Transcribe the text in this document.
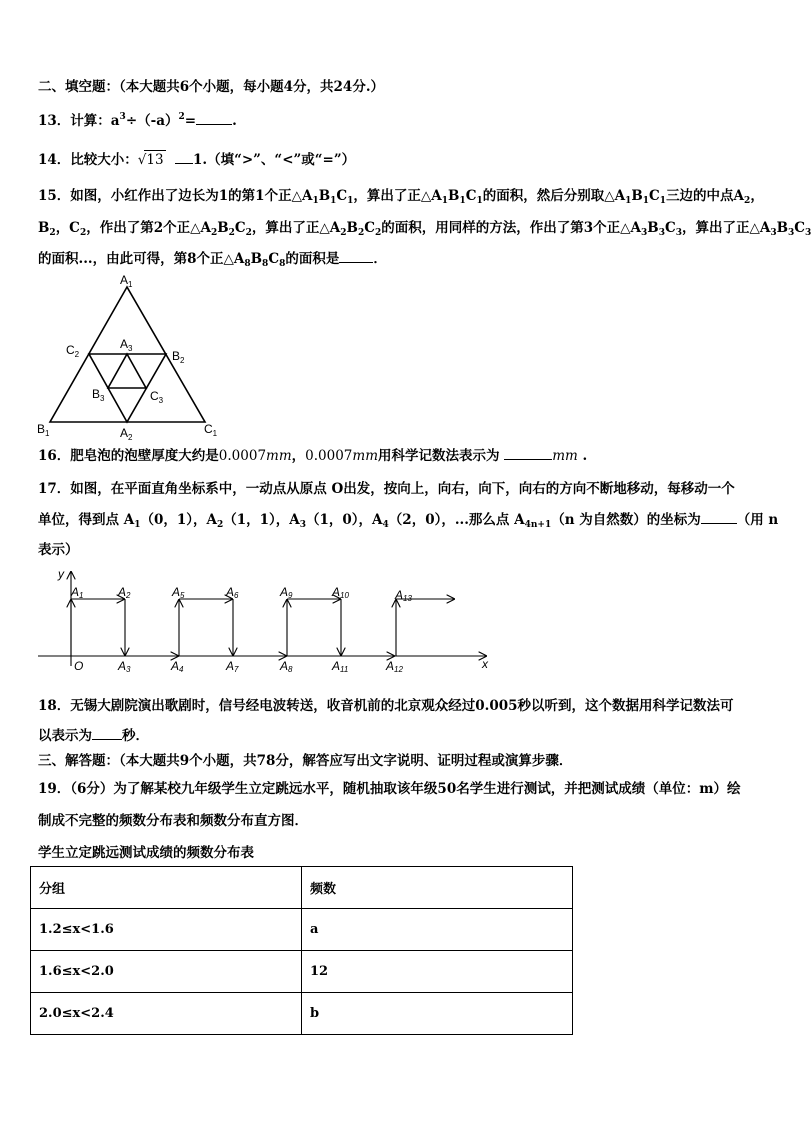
二、填空题：（本大题共6个小题，每小题4分，共24分.）
13．计算：$a^3\div(-a)^2=$	.
14．比较大小：√13 1.（填“>”、“<”或“=”）
15．如图，小红作出了边长为1的第1个正$\triangle A_1B_1C_1$，算出了正$\triangle A_1B_1C_1$的面积，然后分别取$\triangle A_1B_1C_1$三边的中点$A_2$，
$B_2$，$C_2$，作出了第2个正$\triangle A_2B_2C_2$，算出了正$\triangle A_2B_2C_2$的面积，用同样的方法，作出了第3个正$\triangle A_3B_3C_3$，算出了正$\triangle A_3B_3C_3$
的面积...，由此可得，第8个正$\triangle A_8B_8C_8$的面积是	．
$A_1$
$B_1$	$C_1$
$A_2$
$B_2$
$C_2$
$A_3$
$B_3$	$C_3$
16．肥皂泡的泡壁厚度大约是0.0007mm，0.0007mm用科学记数法表示为	mm .
17．如图，在平面直角坐标系中，一动点从原点 O出发，按向上，向右，向下，向右的方向不断地移动，每移动一个
单位，得到点 $A_1(0$，1），$A_2(1$，1），$A_3(1$，0），$A_4(2$，0），...那么点 $A_{4n+1}(n$ 为自然数）的坐标为	（用 n
表示）
y
x
O
A1	A2	A5	A6	A9	A10	A13
A3	A4	A7	A8	A11	A12
18．无锡大剧院演出歌剧时，信号经电波转送，收音机前的北京观众经过0.005秒以听到，这个数据用科学记数法可
以表示为 秒．
三、解答题：（本大题共9个小题，共78分，解答应写出文字说明、证明过程或演算步骤．
19．（6分）为了解某校九年级学生立定跳远水平，随机抽取该年级50名学生进行测试，并把测试成绩（单位：m）绘
制成不完整的频数分布表和频数分布直方图．
学生立定跳远测试成绩的频数分布表
分组	频数
1.2≤x<1.6	a
1.6≤x<2.0	12
2.0≤x<2.4	b
